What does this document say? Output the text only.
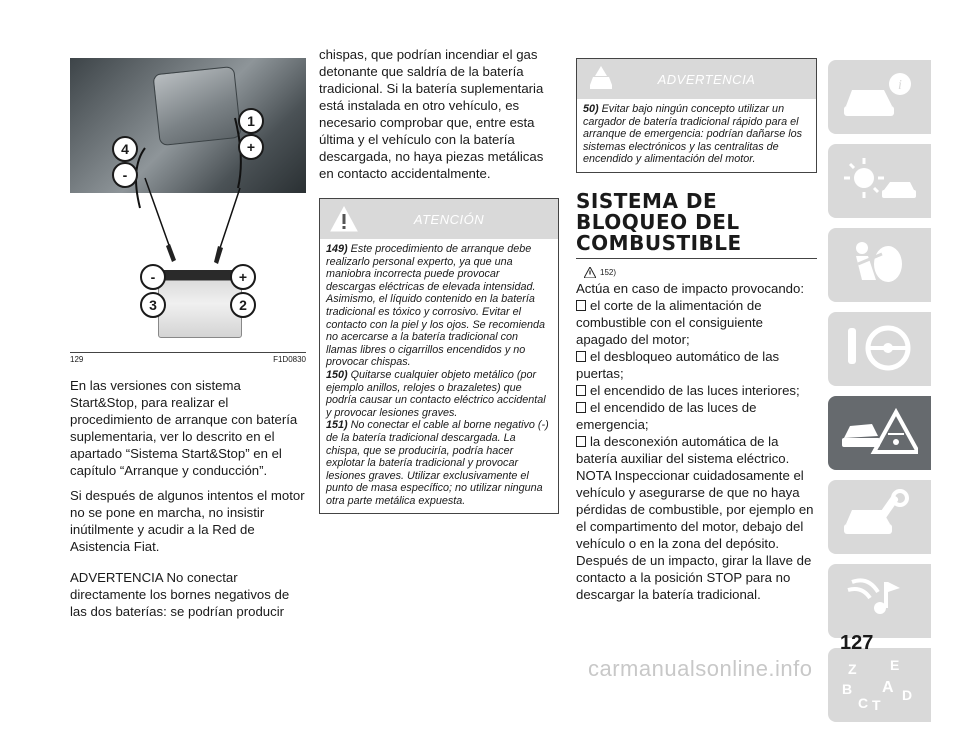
1
+
4
-
-	+
3	2
129	F1D0830

En las versiones con sistema Start&Stop, para realizar el procedimiento de arranque con batería suplementaria, ver lo descrito en el apartado “Sistema Start&Stop” en el capítulo “Arranque y conducción”.

Si después de algunos intentos el motor no se pone en marcha, no insistir inútilmente y acudir a la Red de Asistencia Fiat.

ADVERTENCIA No conectar directamente los bornes negativos de las dos baterías: se podrían producir

chispas, que podrían incendiar el gas detonante que saldría de la batería tradicional. Si la batería suplementaria está instalada en otro vehículo, es necesario comprobar que, entre esta última y el vehículo con la batería descargada, no haya piezas metálicas en contacto accidentalmente.

ATENCIÓN

149) Este procedimiento de arranque debe realizarlo personal experto, ya que una maniobra incorrecta puede provocar descargas eléctricas de elevada intensidad. Asimismo, el líquido contenido en la batería tradicional es tóxico y corrosivo. Evitar el contacto con la piel y los ojos. Se recomienda no acercarse a la batería tradicional con llamas libres o cigarrillos encendidos y no provocar chispas.

150) Quitarse cualquier objeto metálico (por ejemplo anillos, relojes o brazaletes) que podría causar un contacto eléctrico accidental y provocar lesiones graves.

151) No conectar el cable al borne negativo (-) de la batería tradicional descargada. La chispa, que se produciría, podría hacer explotar la batería tradicional y provocar lesiones graves. Utilizar exclusivamente el punto de masa específico; no utilizar ninguna otra parte metálica expuesta.

ADVERTENCIA

50) Evitar bajo ningún concepto utilizar un cargador de batería tradicional rápido para el arranque de emergencia: podrían dañarse los sistemas electrónicos y las centralitas de encendido y alimentación del motor.

SISTEMA DE BLOQUEO DEL COMBUSTIBLE
152)

Actúa en caso de impacto provocando:

el corte de la alimentación de combustible con el consiguiente apagado del motor;

el desbloqueo automático de las puertas;

el encendido de las luces interiores;

el encendido de las luces de emergencia;

la desconexión automática de la batería auxiliar del sistema eléctrico.

NOTA Inspeccionar cuidadosamente el vehículo y asegurarse de que no haya pérdidas de combustible, por ejemplo en el compartimento del motor, debajo del vehículo o en la zona del depósito. Después de un impacto, girar la llave de contacto a la posición STOP para no descargar la batería tradicional.

i
Z E
B A
C T
D
127
carmanualsonline.info
